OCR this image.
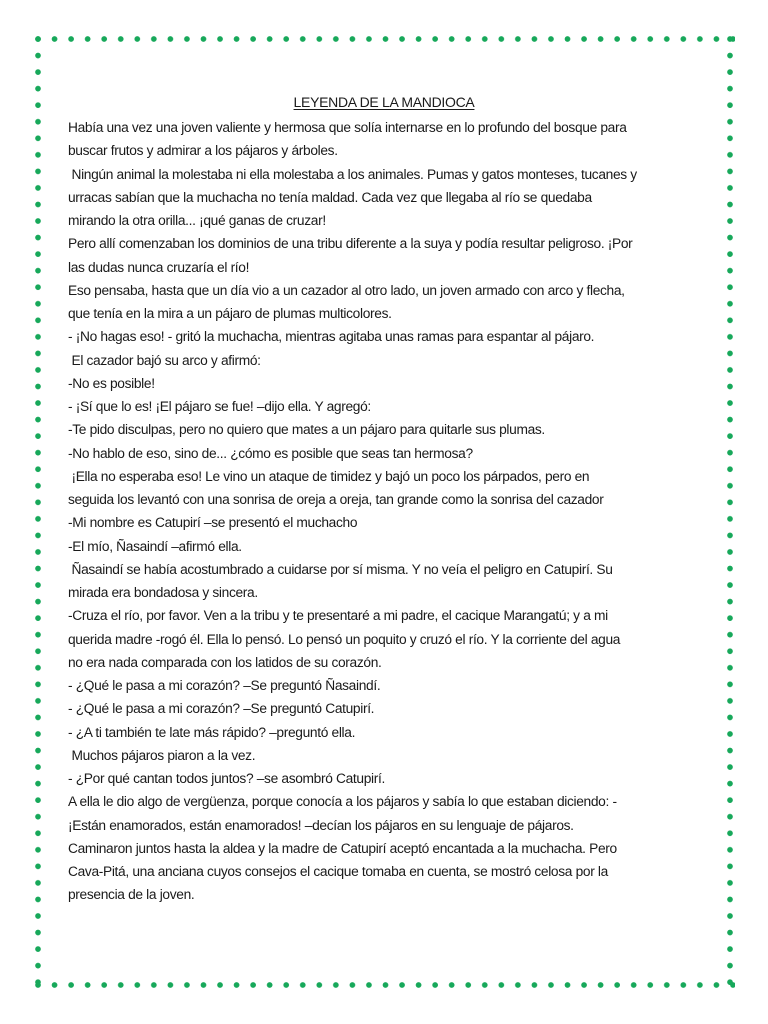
LEYENDA DE LA MANDIOCA
Había una vez una joven valiente y hermosa que solía internarse en lo profundo del bosque para
buscar frutos y admirar a los pájaros y árboles.
Ningún animal la molestaba ni ella molestaba a los animales. Pumas y gatos monteses, tucanes y
urracas sabían que la muchacha no tenía maldad. Cada vez que llegaba al río se quedaba
mirando la otra orilla... ¡qué ganas de cruzar!
Pero allí comenzaban los dominios de una tribu diferente a la suya y podía resultar peligroso. ¡Por
las dudas nunca cruzaría el río!
Eso pensaba, hasta que un día vio a un cazador al otro lado, un joven armado con arco y flecha,
que tenía en la mira a un pájaro de plumas multicolores.
- ¡No hagas eso! - gritó la muchacha, mientras agitaba unas ramas para espantar al pájaro.
El cazador bajó su arco y afirmó:
-No es posible!
- ¡Sí que lo es! ¡El pájaro se fue! –dijo ella. Y agregó:
-Te pido disculpas, pero no quiero que mates a un pájaro para quitarle sus plumas.
-No hablo de eso, sino de... ¿cómo es posible que seas tan hermosa?
¡Ella no esperaba eso! Le vino un ataque de timidez y bajó un poco los párpados, pero en
seguida los levantó con una sonrisa de oreja a oreja, tan grande como la sonrisa del cazador
-Mi nombre es Catupirí –se presentó el muchacho
-El mío, Ñasaindí –afirmó ella.
Ñasaindí se había acostumbrado a cuidarse por sí misma. Y no veía el peligro en Catupirí. Su
mirada era bondadosa y sincera.
-Cruza el río, por favor. Ven a la tribu y te presentaré a mi padre, el cacique Marangatú; y a mi
querida madre -rogó él. Ella lo pensó. Lo pensó un poquito y cruzó el río. Y la corriente del agua
no era nada comparada con los latidos de su corazón.
- ¿Qué le pasa a mi corazón? –Se preguntó Ñasaindí.
- ¿Qué le pasa a mi corazón? –Se preguntó Catupirí.
- ¿A ti también te late más rápido? –preguntó ella.
Muchos pájaros piaron a la vez.
- ¿Por qué cantan todos juntos? –se asombró Catupirí.
A ella le dio algo de vergüenza, porque conocía a los pájaros y sabía lo que estaban diciendo: -
¡Están enamorados, están enamorados! –decían los pájaros en su lenguaje de pájaros.
Caminaron juntos hasta la aldea y la madre de Catupirí aceptó encantada a la muchacha. Pero
Cava-Pitá, una anciana cuyos consejos el cacique tomaba en cuenta, se mostró celosa por la
presencia de la joven.
